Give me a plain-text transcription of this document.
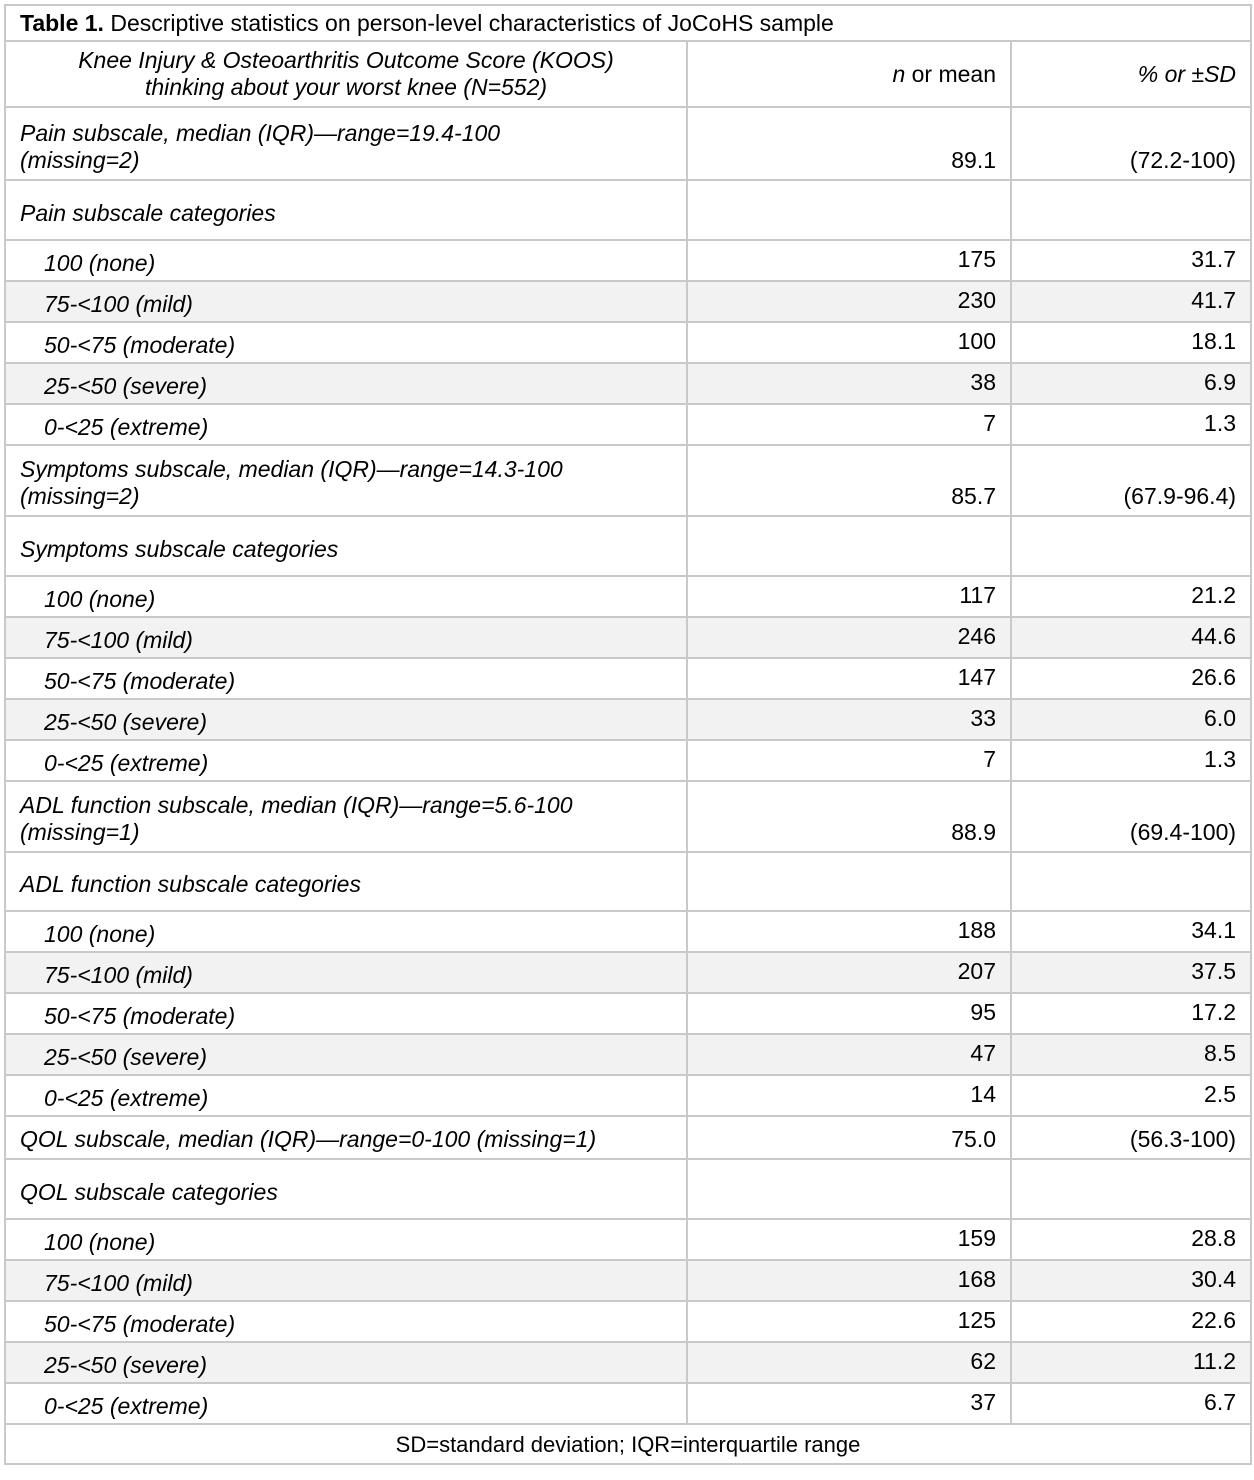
Table 1. Descriptive statistics on person-level characteristics of JoCoHS sample		
Knee Injury & Osteoarthritis Outcome Score (KOOS)
thinking about your worst knee (N=552)	n or mean	% or ±SD
Pain subscale, median (IQR)—range=19.4-100
(missing=2)	89.1	(72.2-100)
Pain subscale categories		
100 (none)	175	31.7
75-<100 (mild)	230	41.7
50-<75 (moderate)	100	18.1
25-<50 (severe)	38	6.9
0-<25 (extreme)	7	1.3
Symptoms subscale, median (IQR)—range=14.3-100
(missing=2)	85.7	(67.9-96.4)
Symptoms subscale categories		
100 (none)	117	21.2
75-<100 (mild)	246	44.6
50-<75 (moderate)	147	26.6
25-<50 (severe)	33	6.0
0-<25 (extreme)	7	1.3
ADL function subscale, median (IQR)—range=5.6-100
(missing=1)	88.9	(69.4-100)
ADL function subscale categories		
100 (none)	188	34.1
75-<100 (mild)	207	37.5
50-<75 (moderate)	95	17.2
25-<50 (severe)	47	8.5
0-<25 (extreme)	14	2.5
QOL subscale, median (IQR)—range=0-100 (missing=1)	75.0	(56.3-100)
QOL subscale categories		
100 (none)	159	28.8
75-<100 (mild)	168	30.4
50-<75 (moderate)	125	22.6
25-<50 (severe)	62	11.2
0-<25 (extreme)	37	6.7
SD=standard deviation; IQR=interquartile range		
